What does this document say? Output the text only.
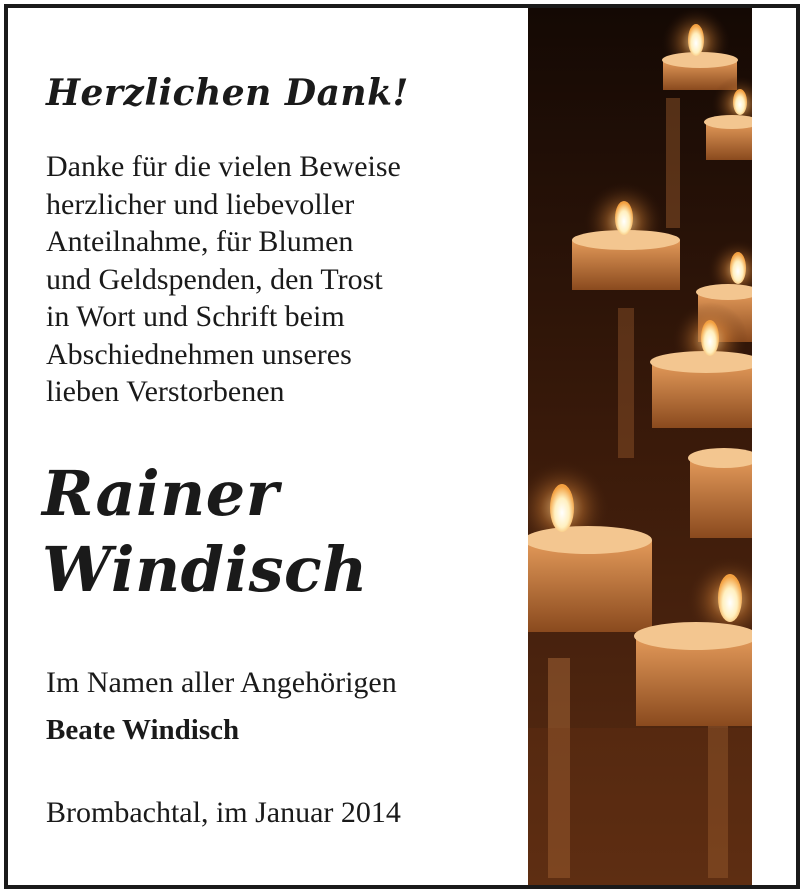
Herzlichen Dank!
Danke für die vielen Beweise
herzlicher und liebevoller
Anteilnahme, für Blumen
und Geldspenden, den Trost
in Wort und Schrift beim
Abschiednehmen unseres
lieben Verstorbenen
Rainer
Windisch
Im Namen aller Angehörigen
Beate Windisch
Brombachtal, im Januar 2014
